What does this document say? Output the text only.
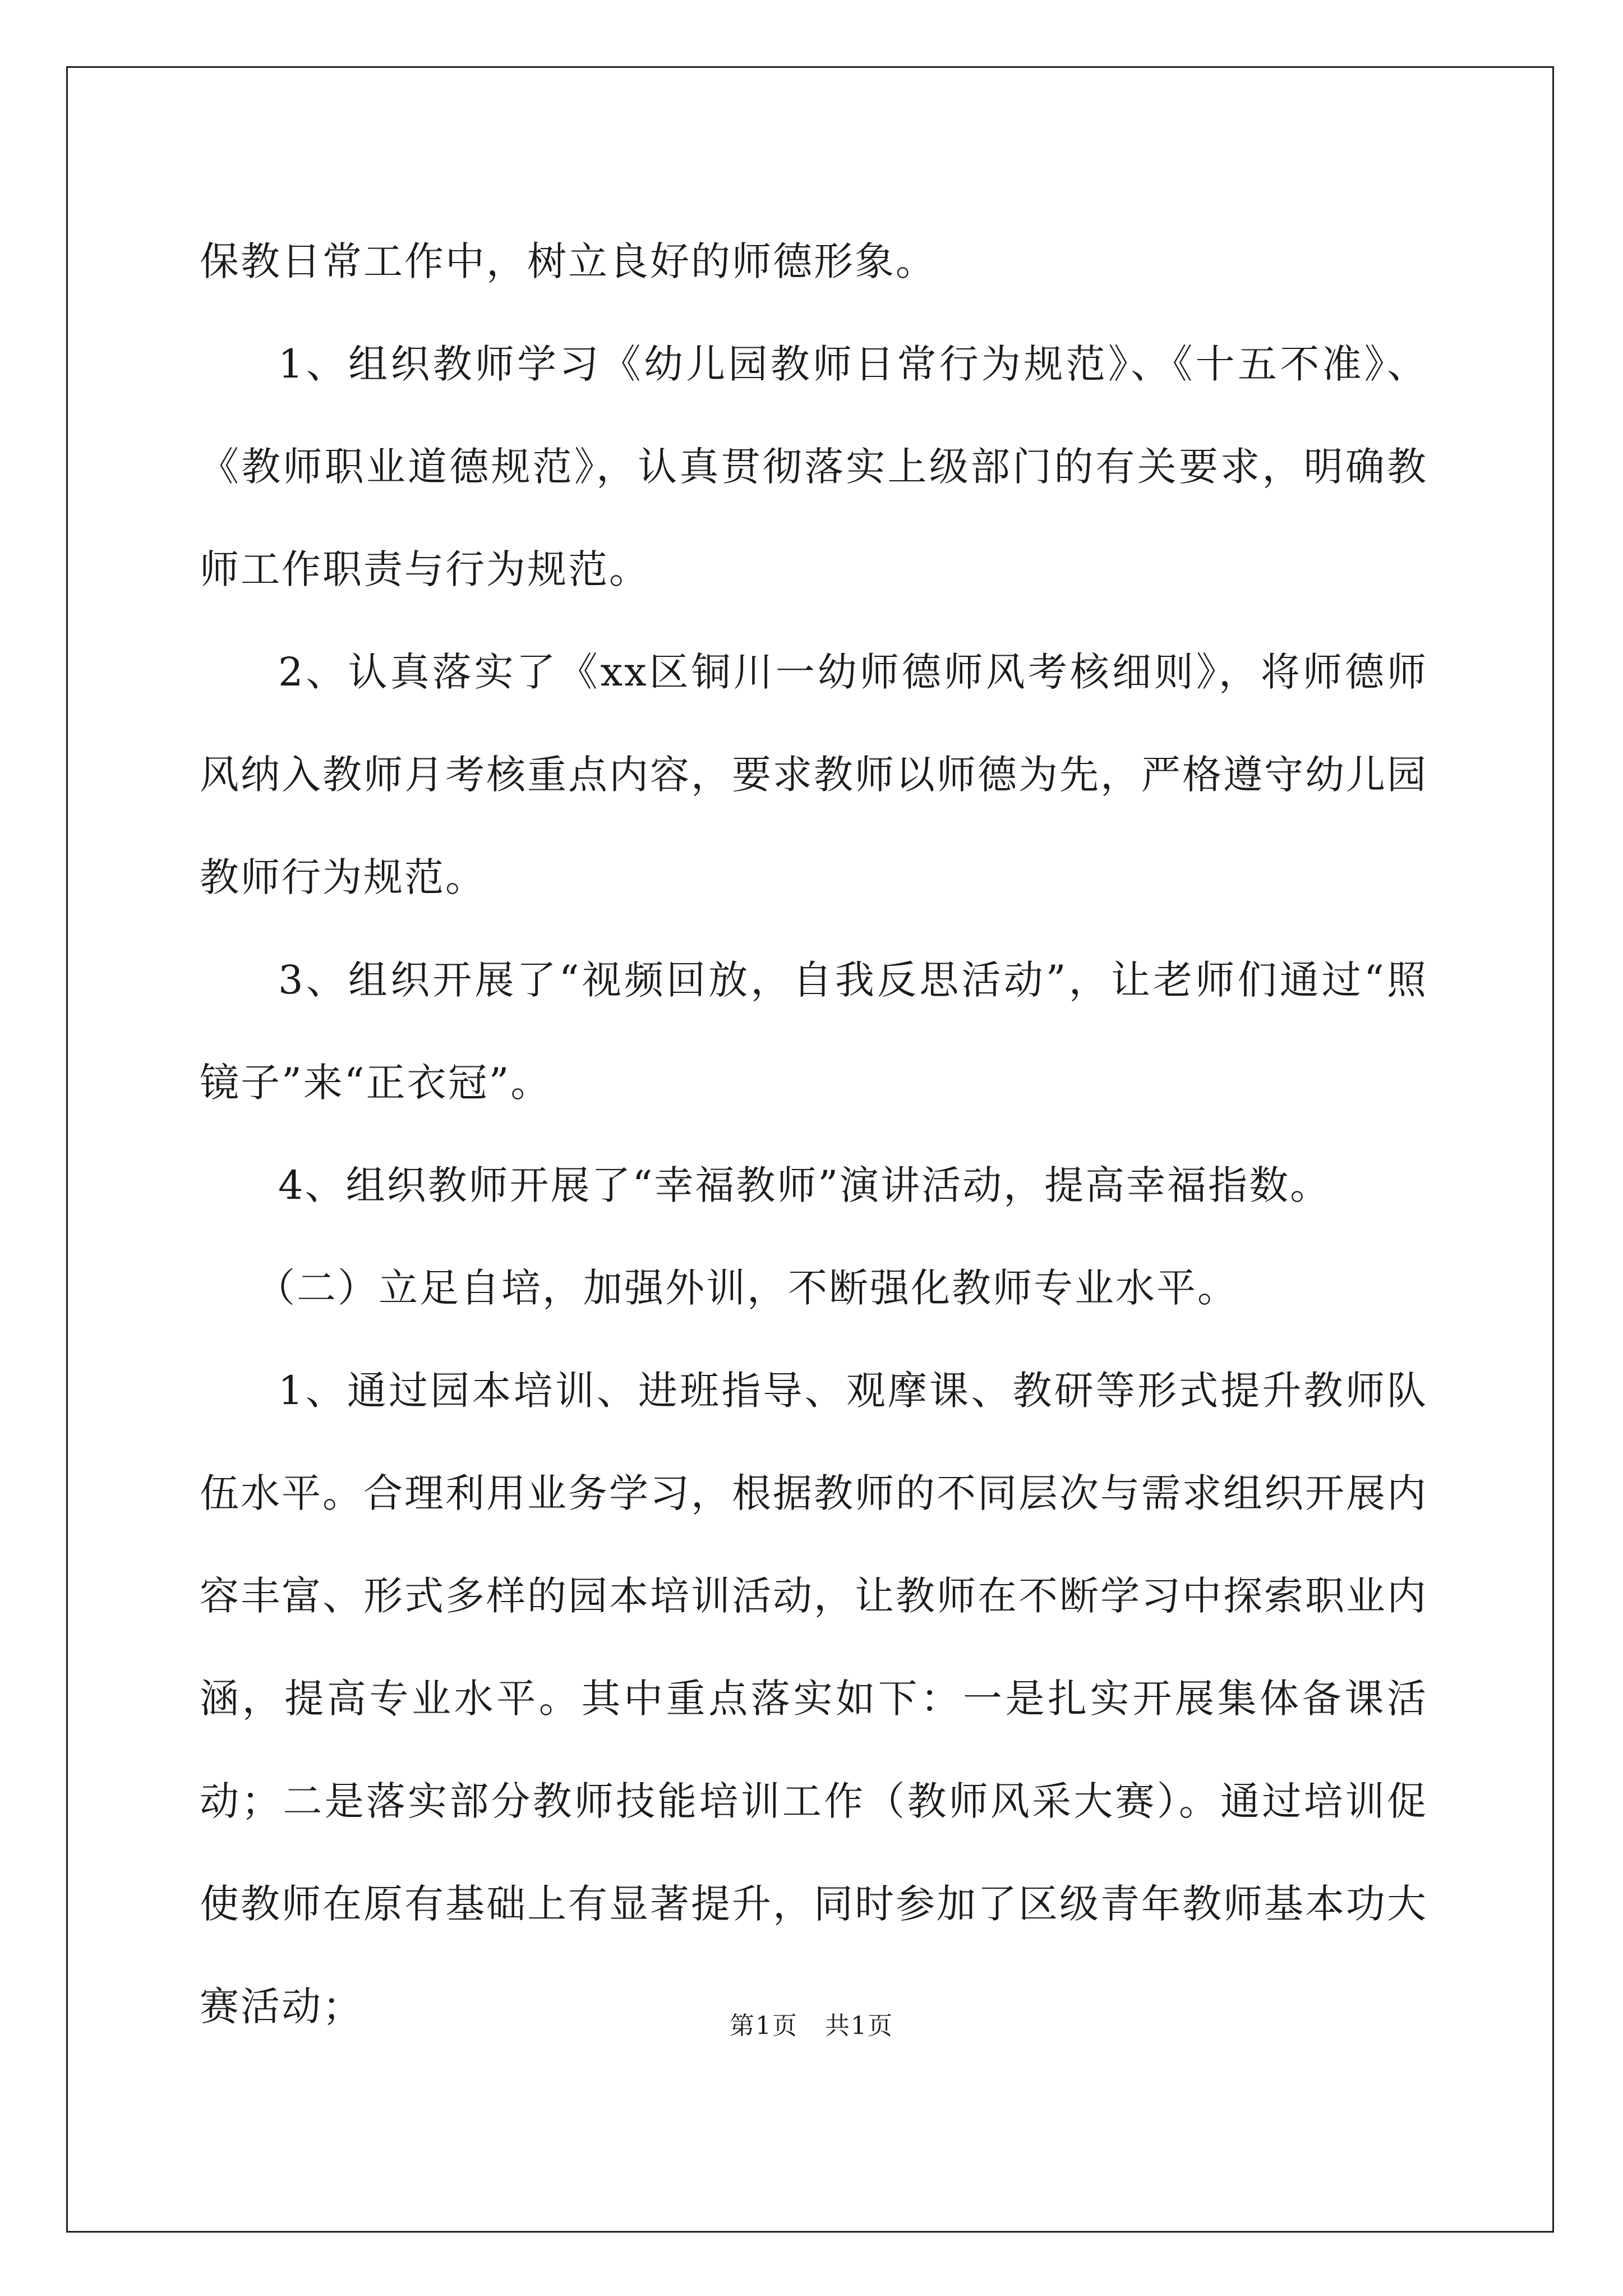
保教日常工作中，树立良好的师德形象。

1、组织教师学习《幼儿园教师日常行为规范》、《十五不准》、《教师职业道德规范》，认真贯彻落实上级部门的有关要求，明确教师工作职责与行为规范。

2、认真落实了《xx区铜川一幼师德师风考核细则》，将师德师风纳入教师月考核重点内容，要求教师以师德为先，严格遵守幼儿园教师行为规范。

3、组织开展了“视频回放，自我反思活动”，让老师们通过“照镜子”来“正衣冠”。

4、组织教师开展了“幸福教师”演讲活动，提高幸福指数。

（二）立足自培，加强外训，不断强化教师专业水平。

1、通过园本培训、进班指导、观摩课、教研等形式提升教师队伍水平。合理利用业务学习，根据教师的不同层次与需求组织开展内容丰富、形式多样的园本培训活动，让教师在不断学习中探索职业内涵，提高专业水平。其中重点落实如下：一是扎实开展集体备课活动；二是落实部分教师技能培训工作（教师风采大赛）。通过培训促使教师在原有基础上有显著提升，同时参加了区级青年教师基本功大赛活动；	第1页 共1页
